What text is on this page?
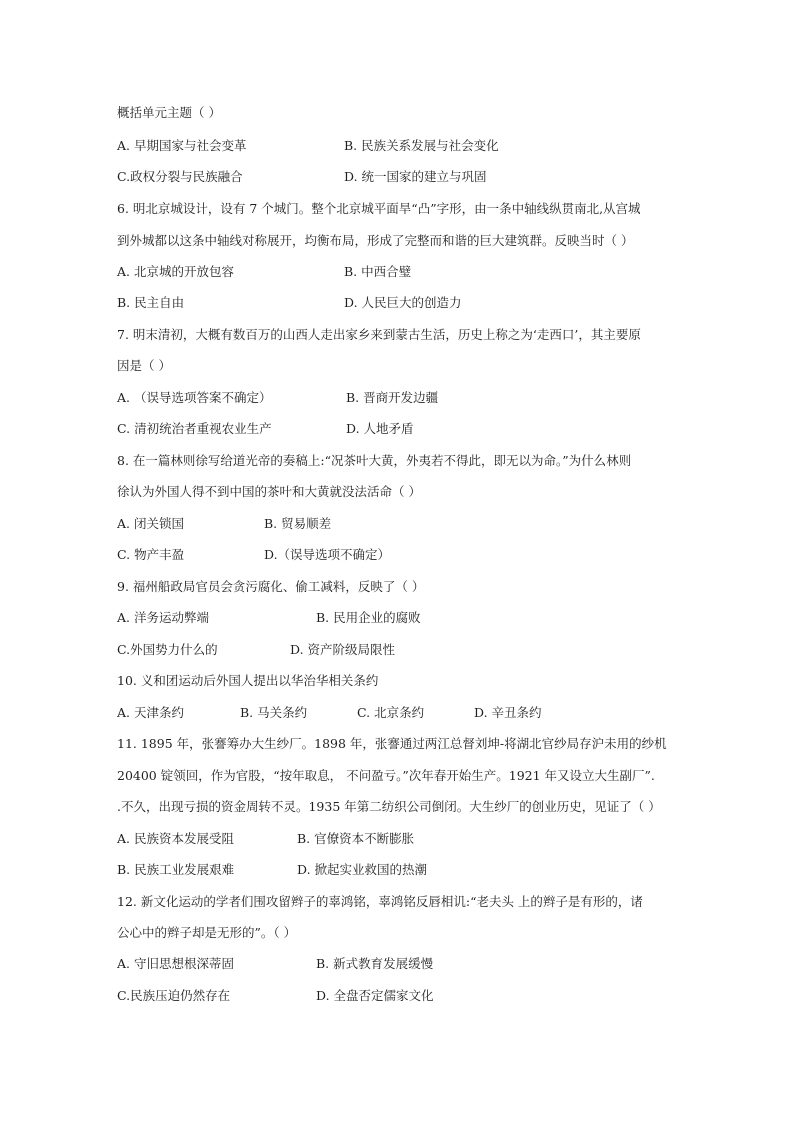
概括单元主题（ ）
A. 早期国家与社会变革	B. 民族关系发展与社会变化
C.政权分裂与民族融合	D. 统一国家的建立与巩固
6. 明北京城设计，设有 7 个城门。整个北京城平面旱“凸”字形，由一条中轴线纵贯南北,从宫城
到外城都以这条中轴线对称展开，均衡布局，形成了完整而和谐的巨大建筑群。反映当时（ ）
A. 北京城的开放包容	B. 中西合璧
B. 民主自由	D. 人民巨大的创造力
7. 明末清初，大概有数百万的山西人走出家乡来到蒙古生活，历史上称之为‘走西口’，其主要原
因是（ ）
A. （误导选项答案不确定）	B. 晋商开发边疆
C. 清初统治者重视农业生产	D. 人地矛盾
8. 在一篇林则徐写给道光帝的奏稿上:“况茶叶大黄，外夷若不得此，即无以为命。”为什么林则
徐认为外国人得不到中国的茶叶和大黄就没法活命（ ）
A. 闭关锁国	B. 贸易顺差
C. 物产丰盈	D.（误导选项不确定）
9. 福州船政局官员会贪污腐化、偷工减料，反映了（ ）
A. 洋务运动弊端	B. 民用企业的腐败
C.外国势力什么的	D. 资产阶级局限性
10. 义和团运动后外国人提出以华治华相关条约
A. 天津条约	B. 马关条约	C. 北京条约	D. 辛丑条约
11. 1895 年，张謇筹办大生纱厂。1898 年，张謇通过两江总督刘坤-将湖北官纱局存沪未用的纱机
20400 锭领回，作为官股，“按年取息， 不问盈亏。”次年春开始生产。1921 年又设立大生副厂”.
.不久，出现亏损的资金周转不灵。1935 年第二纺织公司倒闭。大生纱厂的创业历史，见证了（ ）
A. 民族资本发展受阻	B. 官僚资本不断膨胀
B. 民族工业发展艰难	D. 掀起实业救国的热潮
12. 新文化运动的学者们围攻留辫子的辜鸿铭，辜鸿铭反唇相讥:“老夫头 上的辫子是有形的，诸
公心中的辫子却是无形的”。（ ）
A. 守旧思想根深蒂固	B. 新式教育发展缓慢
C.民族压迫仍然存在	D. 全盘否定儒家文化
